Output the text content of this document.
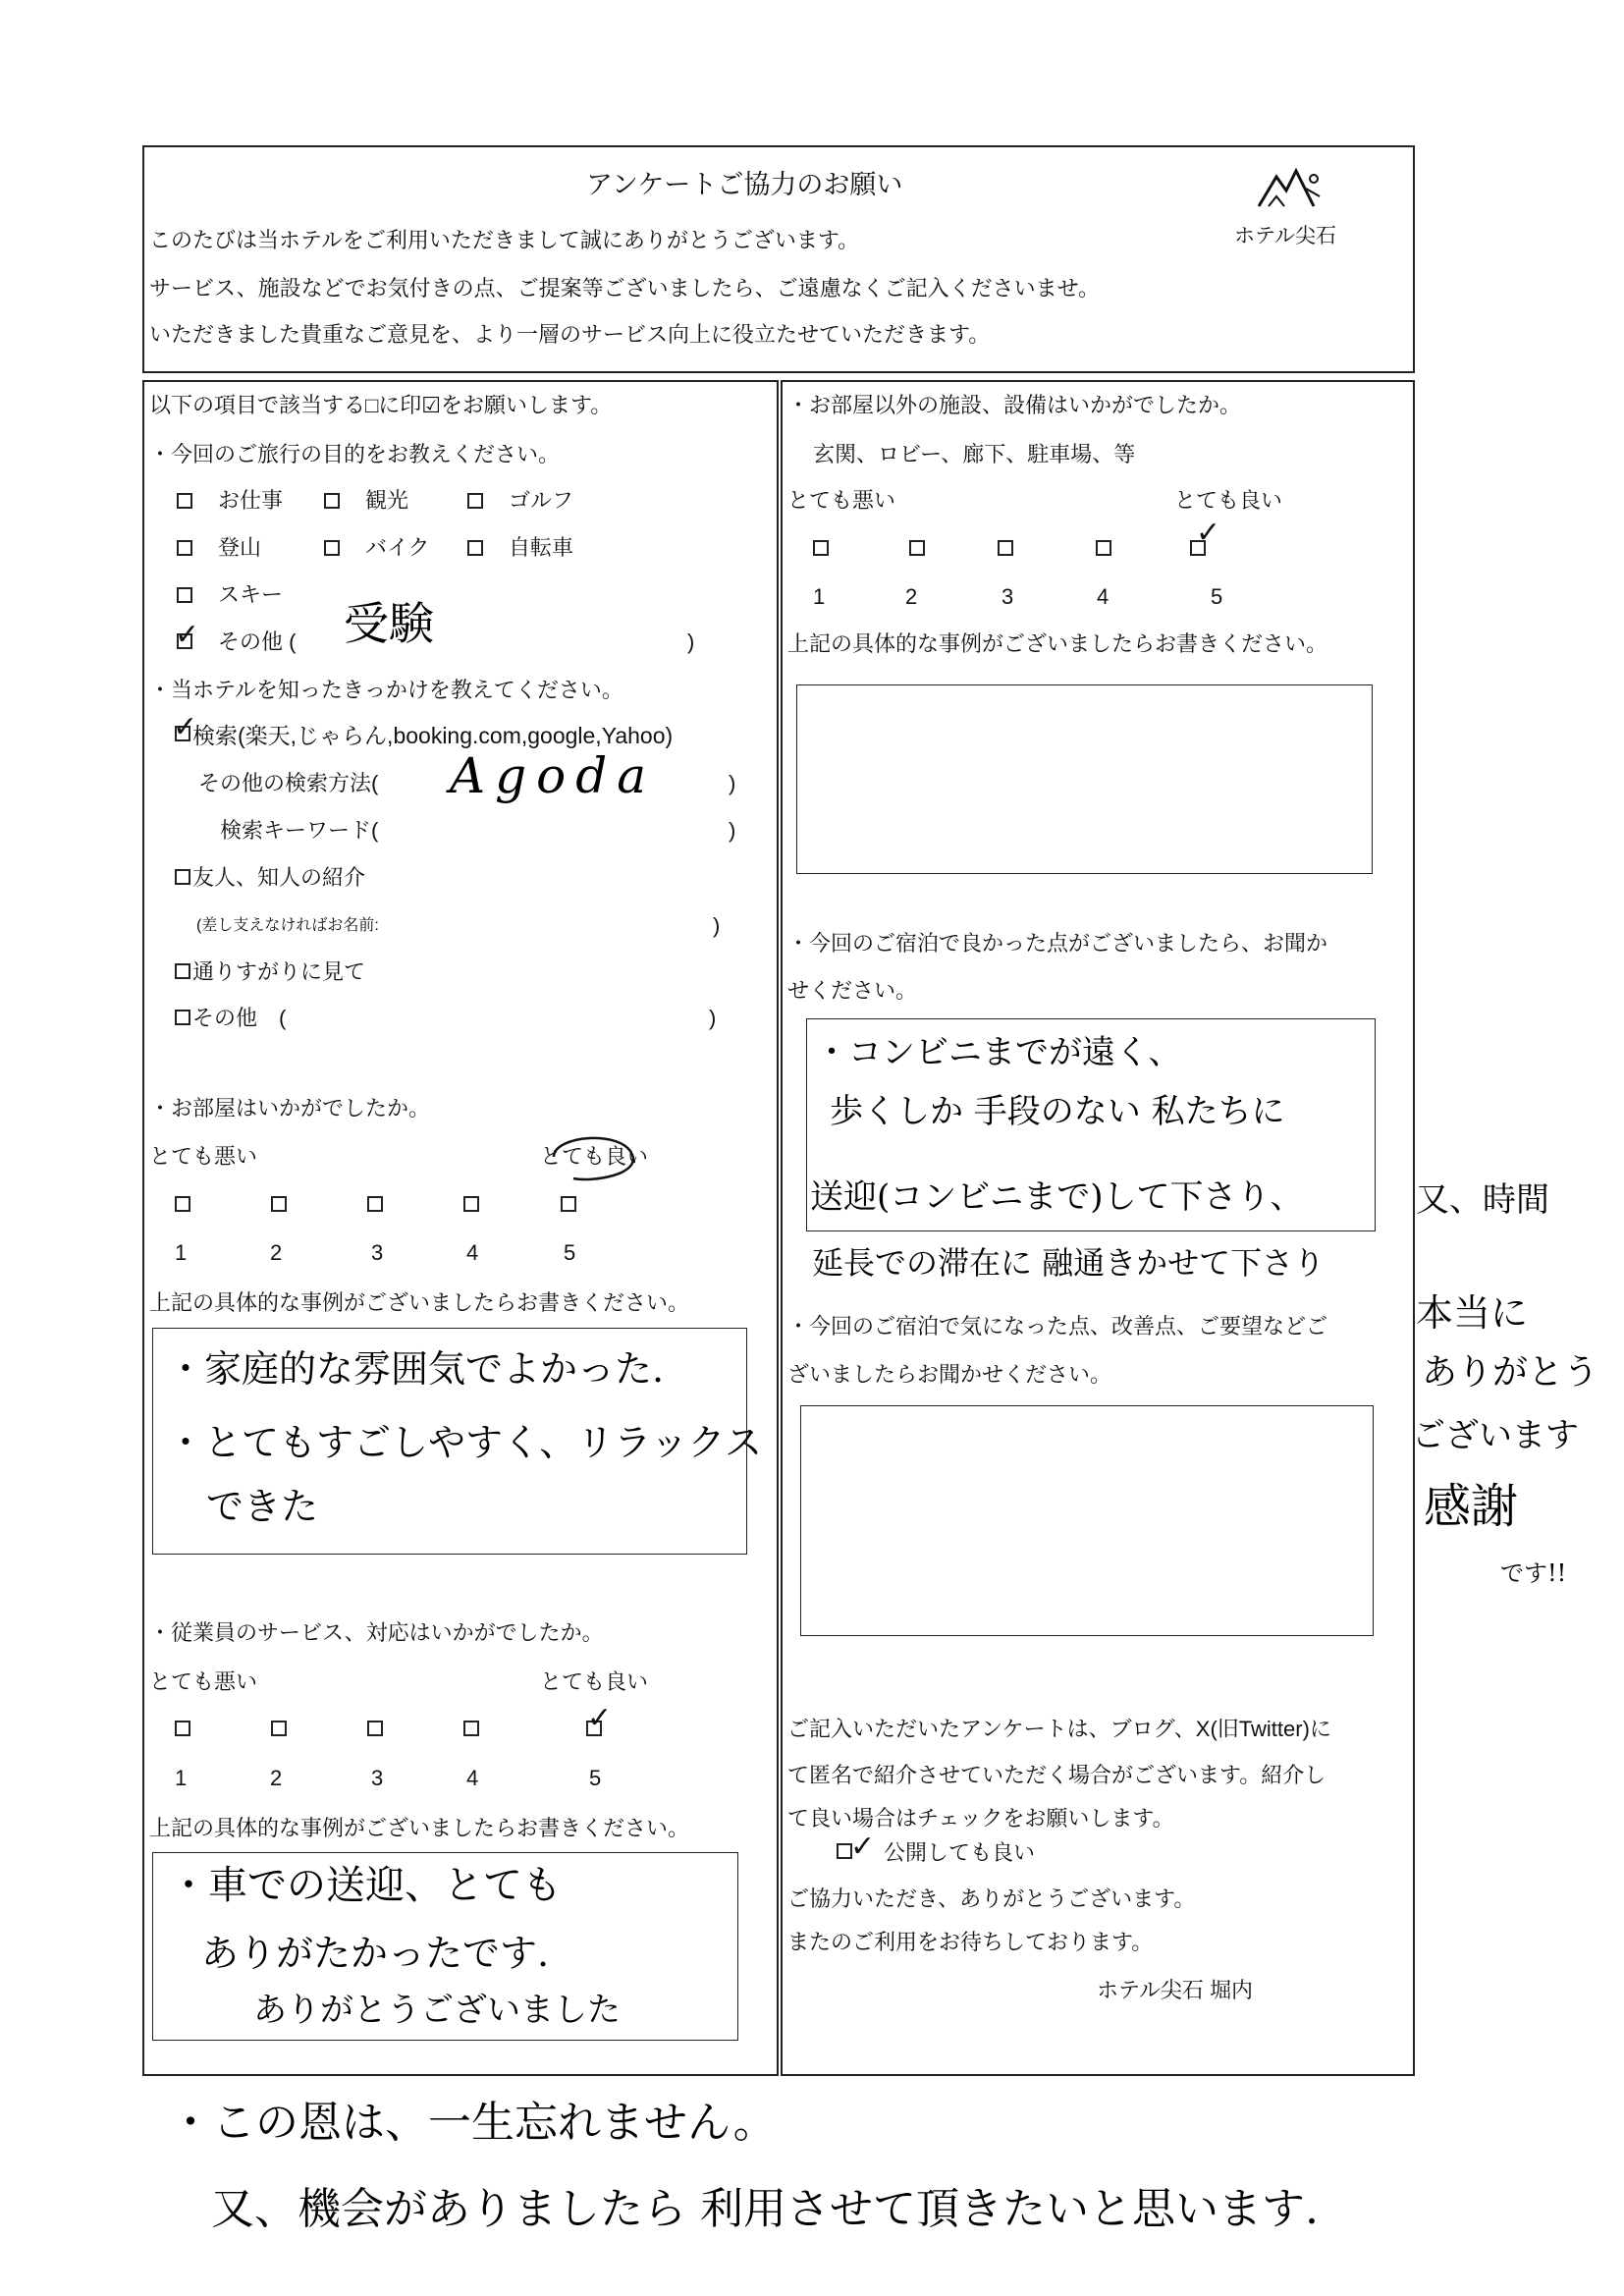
アンケートご協力のお願い
このたびは当ホテルをご利用いただきまして誠にありがとうございます。
サービス、施設などでお気付きの点、ご提案等ございましたら、ご遠慮なくご記入くださいませ。
いただきました貴重なご意見を、より一層のサービス向上に役立たせていただきます。
ホテル尖石
以下の項目で該当する□に印☑をお願いします。
・今回のご旅行の目的をお教えください。
お仕事	観光	ゴルフ
登山	バイク	自転車
スキー
✓ その他 ( 受験	)
・当ホテルを知ったきっかけを教えてください。
✓
検索(楽天,じゃらん,booking.com,google,Yahoo)
その他の検索方法( Agoda	)
検索キーワード(	)
友人、知人の紹介
(差し支えなければお名前:	)
通りすがりに見て
その他　(	)
・お部屋はいかがでしたか。
とても悪い	とても良い
1	2	3	4	5
上記の具体的な事例がございましたらお書きください。
・家庭的な雰囲気でよかった.
・とてもすごしやすく、リラックス
できた
・従業員のサービス、対応はいかがでしたか。
とても悪い	とても良い
✓
1	2	3	4	5
上記の具体的な事例がございましたらお書きください。
・車での送迎、とても
ありがたかったです.
ありがとうございました
・お部屋以外の施設、設備はいかがでしたか。
玄関、ロビー、廊下、駐車場、等
とても悪い	とても良い
✓
1	2	3	4	5
上記の具体的な事例がございましたらお書きください。
・今回のご宿泊で良かった点がございましたら、お聞か
せください。
・コンビニまでが遠く、
歩くしか 手段のない 私たちに
送迎(コンビニまで)して下さり、
延長での滞在に 融通きかせて下さり
・今回のご宿泊で気になった点、改善点、ご要望などご
ざいましたらお聞かせください。
ご記入いただいたアンケートは、ブログ、X(旧Twitter)に
て匿名で紹介させていただく場合がございます。紹介し
て良い場合はチェックをお願いします。
✓ 公開しても良い
ご協力いただき、ありがとうございます。
またのご利用をお待ちしております。
ホテル尖石 堀内
又、時間
本当に
ありがとう
ございます
感謝
です!!
・この恩は、一生忘れません。
又、機会がありましたら 利用させて頂きたいと思います.
